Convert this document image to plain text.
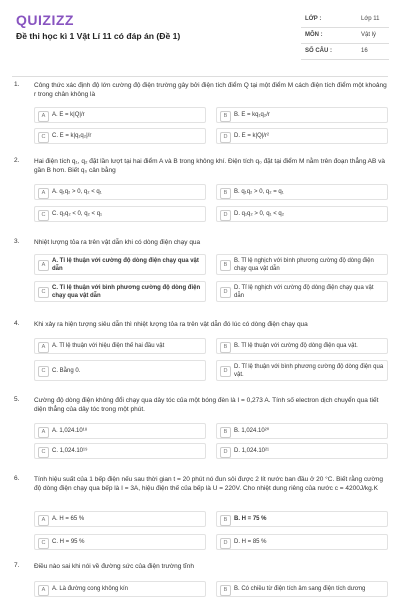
QUIZIZZ
Đề thi học kì 1 Vật Lí 11 có đáp án (Đề 1)
LỚP :	Lớp 11
MÔN :	Vật lý
SỐ CÂU :	16
1. Công thức xác định độ lớn cường độ điện trường gây bởi điện tích điểm Q tại một điểm M cách điện tích điểm một khoảng r trong chân không là
A	A. E = k|Q|/r	B	B. E = kq₁q₂/r
C	C. E = k|q₁q₂|/r	D	D. E = k|Q|/r²
2. Hai điện tích q₁, q₂ đặt lần lượt tại hai điểm A và B trong không khí. Điện tích q₀ đặt tại điểm M nằm trên đoạn thẳng AB và gần B hơn. Biết q₀ cân bằng
A	A. q₁q₂ > 0, q₂ < q₁	B	B. q₁q₂ > 0, q₂ = q₁
C	C. q₁q₂ < 0, q₂ < q₁	D	D. q₁q₂ > 0, q₁ < q₂
3. Nhiệt lượng tỏa ra trên vật dẫn khi có dòng điện chạy qua
A
A. Tỉ lệ thuận với cường độ dòng điện chạy qua vật dẫn
B
B. Tỉ lệ nghịch với bình phương cường độ dòng điện chạy qua vật dẫn
C
C. Tỉ lệ thuận với bình phương cường độ dòng điện chạy qua vật dẫn
D
D. Tỉ lệ nghịch với cường độ dòng điện chạy qua vật dẫn
4. Khi xảy ra hiện tượng siêu dẫn thì nhiệt lượng tỏa ra trên vật dẫn đó lúc có dòng điện chạy qua
A	A. Tỉ lệ thuận với hiệu điện thế hai đầu vật	B	B. Tỉ lệ thuận với cường độ dòng điện qua vật.
C	C. Bằng 0.	D
D. Tỉ lệ thuận với bình phương cường độ dòng điện qua vật.
5. Cường độ dòng điện không đổi chạy qua dây tóc của một bóng đèn là I = 0,273 A. Tính số electron dịch chuyển qua tiết diện thẳng của dây tóc trong một phút.
A	A. 1,024.10¹⁸	B	B. 1,024.10²⁰
C	C. 1,024.10¹⁹	D	D. 1,024.10²¹
6. Tính hiệu suất của 1 bếp điện nếu sau thời gian t = 20 phút nó đun sôi được 2 lít nước ban đầu ở 20 °C. Biết rằng cường độ dòng điện chạy qua bếp là I = 3A, hiệu điện thế của bếp là U = 220V. Cho nhiệt dung riêng của nước c = 4200J/kg.K
A	A. H = 65 %	B	B. H = 75 %
C	C. H = 95 %	D	D. H = 85 %
7. Điều nào sai khi nói về đường sức của điện trường tĩnh
A	A. Là đường cong không kín	B	B. Có chiều từ điện tích âm sang điện tích dương
